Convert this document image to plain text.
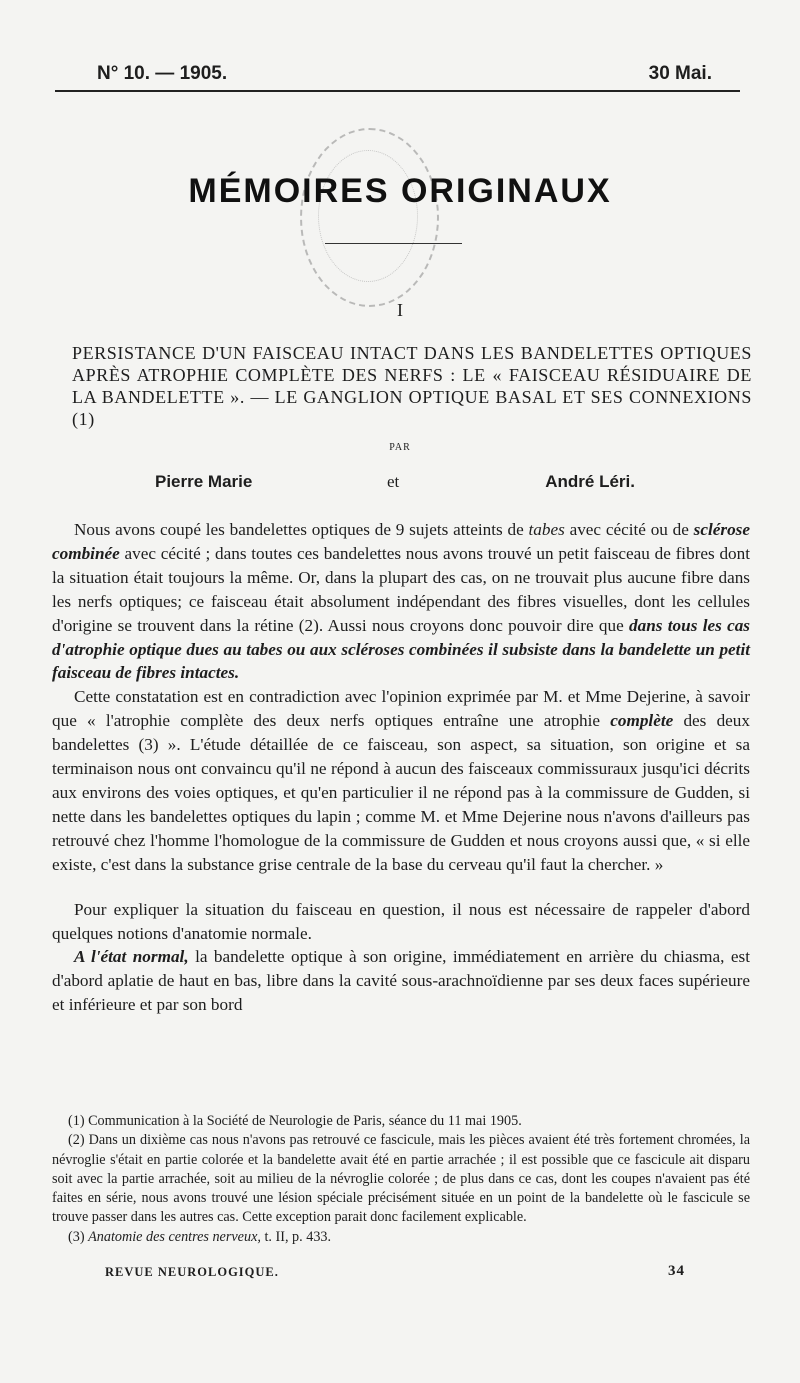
N° 10. — 1905.	30 Mai.
MÉMOIRES ORIGINAUX
I
PERSISTANCE D'UN FAISCEAU INTACT DANS LES BANDELETTES OPTIQUES APRÈS ATROPHIE COMPLÈTE DES NERFS : LE « FAISCEAU RÉSIDUAIRE DE LA BANDELETTE ». — LE GANGLION OPTIQUE BASAL ET SES CONNEXIONS (1)
PAR
Pierre Marie	et	André Léri.

Nous avons coupé les bandelettes optiques de 9 sujets atteints de tabes avec cécité ou de sclérose combinée avec cécité ; dans toutes ces bandelettes nous avons trouvé un petit faisceau de fibres dont la situation était toujours la même. Or, dans la plupart des cas, on ne trouvait plus aucune fibre dans les nerfs optiques; ce faisceau était absolument indépendant des fibres visuelles, dont les cellules d'origine se trouvent dans la rétine (2). Aussi nous croyons donc pouvoir dire que dans tous les cas d'atrophie optique dues au tabes ou aux scléroses combinées il subsiste dans la bandelette un petit faisceau de fibres intactes.

Cette constatation est en contradiction avec l'opinion exprimée par M. et Mme Dejerine, à savoir que « l'atrophie complète des deux nerfs optiques entraîne une atrophie complète des deux bandelettes (3) ». L'étude détaillée de ce faisceau, son aspect, sa situation, son origine et sa terminaison nous ont convaincu qu'il ne répond à aucun des faisceaux commissuraux jusqu'ici décrits aux environs des voies optiques, et qu'en particulier il ne répond pas à la commissure de Gudden, si nette dans les bandelettes optiques du lapin ; comme M. et Mme Dejerine nous n'avons d'ailleurs pas retrouvé chez l'homme l'homologue de la commissure de Gudden et nous croyons aussi que, « si elle existe, c'est dans la substance grise centrale de la base du cerveau qu'il faut la chercher. »

Pour expliquer la situation du faisceau en question, il nous est nécessaire de rappeler d'abord quelques notions d'anatomie normale.

A l'état normal, la bandelette optique à son origine, immédiatement en arrière du chiasma, est d'abord aplatie de haut en bas, libre dans la cavité sous-arachnoïdienne par ses deux faces supérieure et inférieure et par son bord

(1) Communication à la Société de Neurologie de Paris, séance du 11 mai 1905.

(2) Dans un dixième cas nous n'avons pas retrouvé ce fascicule, mais les pièces avaient été très fortement chromées, la névroglie s'était en partie colorée et la bandelette avait été en partie arrachée ; il est possible que ce fascicule ait disparu soit avec la partie arrachée, soit au milieu de la névroglie colorée ; de plus dans ce cas, dont les coupes n'avaient pas été faites en série, nous avons trouvé une lésion spéciale précisément située en un point de la bandelette où le fascicule se trouve passer dans les autres cas. Cette exception parait donc facilement explicable.

(3) Anatomie des centres nerveux, t. II, p. 433.

REVUE NEUROLOGIQUE.	34
